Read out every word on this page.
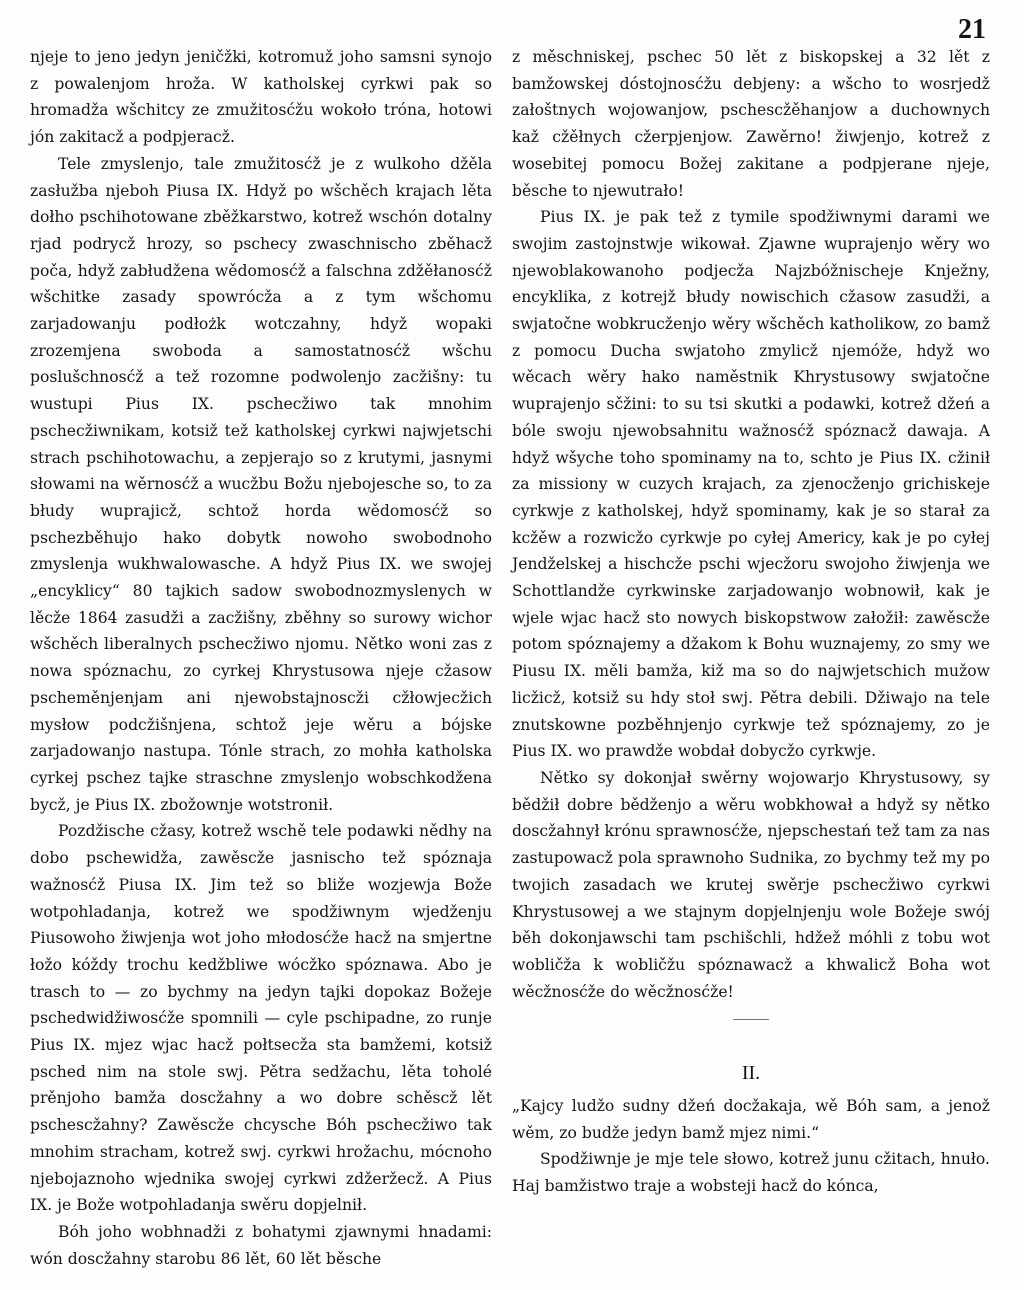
21

njeje to jeno jedyn jeničžki, kotromuž joho samsni synojo z powalenjom hroža. W katholskej cyrkwi pak so hromadža wšchitcy ze zmužitosćžu wokoło tróna, hotowi jón zakitacž a podpjeracž.

Tele zmyslenjo, tale zmužitosćž je z wulkoho džěla zasłužba njeboh Piusa IX. Hdyž po wšchěch krajach lěta dołho pschihotowane zběžkarstwo, kotrež wschón dotalny rjad podrycž hrozy, so pschecy zwaschnischo zběhacž poča, hdyž zabłudžena wědomosćž a falschna zdžěłanosćž wšchitke zasady spowrócža a z tym wšchomu zarjadowanju podłożk wotczahny, hdyž wopaki zrozemjena swoboda a samostatnosćž wšchu poslušchnosćž a tež rozomne podwolenjo zacžišny: tu wustupi Pius IX. pschecžiwo tak mnohim pschecžiwnikam, kotsiž tež katholskej cyrkwi najwjetschi strach pschihotowachu, a zepjerajo so z krutymi, jasnymi słowami na wěrnosćž a wucžbu Božu njebojesche so, to za błudy wuprajicž, schtož horda wědomosćž so pschezběhujo hako dobytk nowoho swobodnoho zmyslenja wukhwalowasche. A hdyž Pius IX. we swojej „encyklicy“ 80 tajkich sadow swobodnozmyslenych w lěcže 1864 zasudži a zacžišny, zběhny so surowy wichor wšchěch liberalnych pschecžiwo njomu. Nětko woni zas z nowa spóznachu, zo cyrkej Khrystusowa njeje cžasow pscheměnjenjam ani njewobstajnoscži cžłowjecžich mysłow podcžišnjena, schtož jeje wěru a bójske zarjadowanjo nastupa. Tónle strach, zo mohła katholska cyrkej pschez tajke straschne zmyslenjo wobschkodžena bycž, je Pius IX. zbožownje wotstronił.

Pozdžische cžasy, kotrež wschě tele podawki nědhy na dobo pschewidža, zawěscže jasnischo tež spóznaja wažnosćž Piusa IX. Jim tež so bliže wozjewja Bože wotpohladanja, kotrež we spodžiwnym wjedženju Piusowoho žiwjenja wot joho młodosćže hacž na smjertne łožo kóždy trochu kedžbliwe wócžko spóznawa. Abo je trasch to — zo bychmy na jedyn tajki dopokaz Božeje pschedwidžiwosćže spomnili — cyle pschipadne, zo runje Pius IX. mjez wjac hacž połtsecža sta bamžemi, kotsiž psched nim na stole swj. Pětra sedžachu, lěta toholé prěnjoho bamža doscžahny a wo dobre schěscž lět pschescžahny? Zawěscže chcysche Bóh pschecžiwo tak mnohim stracham, kotrež swj. cyrkwi hrožachu, mócnoho njebojaznoho wjednika swojej cyrkwi zdžeržecž. A Pius IX. je Bože wotpohladanja swěru dopjelnił.

Bóh joho wobhnadži z bohatymi zjawnymi hnadami: wón doscžahny starobu 86 lět, 60 lět běsche

z měschniskej, pschec 50 lět z biskopskej a 32 lět z bamžowskej dóstojnosćžu debjeny: a wšcho to wosrjedž załoštnych wojowanjow, pschescžěhanjow a duchownych kaž cžěłnych cžerpjenjow. Zawěrno! žiwjenjo, kotrež z wosebitej pomocu Božej zakitane a podpjerane njeje, běsche to njewutrało!

Pius IX. je pak tež z tymile spodžiwnymi darami we swojim zastojnstwje wikował. Zjawne wuprajenjo wěry wo njewoblakowanoho podjecža Najzbóžnischeje Knježny, encyklika, z kotrejž błudy nowischich cžasow zasudži, a swjatočne wobkrucženjo wěry wšchěch katholikow, zo bamž z pomocu Ducha swjatoho zmylicž njemóže, hdyž wo wěcach wěry hako naměstnik Khrystusowy swjatočne wuprajenjo sčžini: to su tsi skutki a podawki, kotrež džeń a bóle swoju njewobsahnitu wažnosćž spóznacž dawaja. A hdyž wšyche toho spominamy na to, schto je Pius IX. cžinił za missiony w cuzych krajach, za zjenocženjo grichiskeje cyrkwje z katholskej, hdyž spominamy, kak je so starał za kcžěw a rozwicžo cyrkwje po cyłej Americy, kak je po cyłej Jendželskej a hischcže pschi wjecžoru swojoho žiwjenja we Schottlandže cyrkwinske zarjadowanjo wobnowił, kak je wjele wjac hacž sto nowych biskopstwow załožił: zawěscže potom spóznajemy a džakom k Bohu wuznajemy, zo smy we Piusu IX. měli bamža, kiž ma so do najwjetschich mužow licžicž, kotsiž su hdy stoł swj. Pětra debili. Džiwajo na tele znutskowne pozběhnjenjo cyrkwje tež spóznajemy, zo je Pius IX. wo prawdže wobdał dobycžo cyrkwje.

Nětko sy dokonjał swěrny wojowarjo Khrystusowy, sy bědžił dobre bědženjo a wěru wobkhował a hdyž sy nětko doscžahnył krónu sprawnosćže, njepschestań tež tam za nas zastupowacž pola sprawnoho Sudnika, zo bychmy tež my po twojich zasadach we krutej swěrje pschecžiwo cyrkwi Khrystusowej a we stajnym dopjelnjenju wole Božeje swój běh dokonjawschi tam pschišchli, hdžež móhli z tobu wot wobličža k wobličžu spóznawacž a khwalicž Boha wot wěcžnosćže do wěcžnosćže!

II.

„Kajcy ludžo sudny džeń docžakaja, wě Bóh sam, a jenož wěm, zo budže jedyn bamž mjez nimi.“

Spodžiwnje je mje tele słowo, kotrež junu cžitach, hnuło. Haj bamžistwo traje a wobsteji hacž do kónca,
